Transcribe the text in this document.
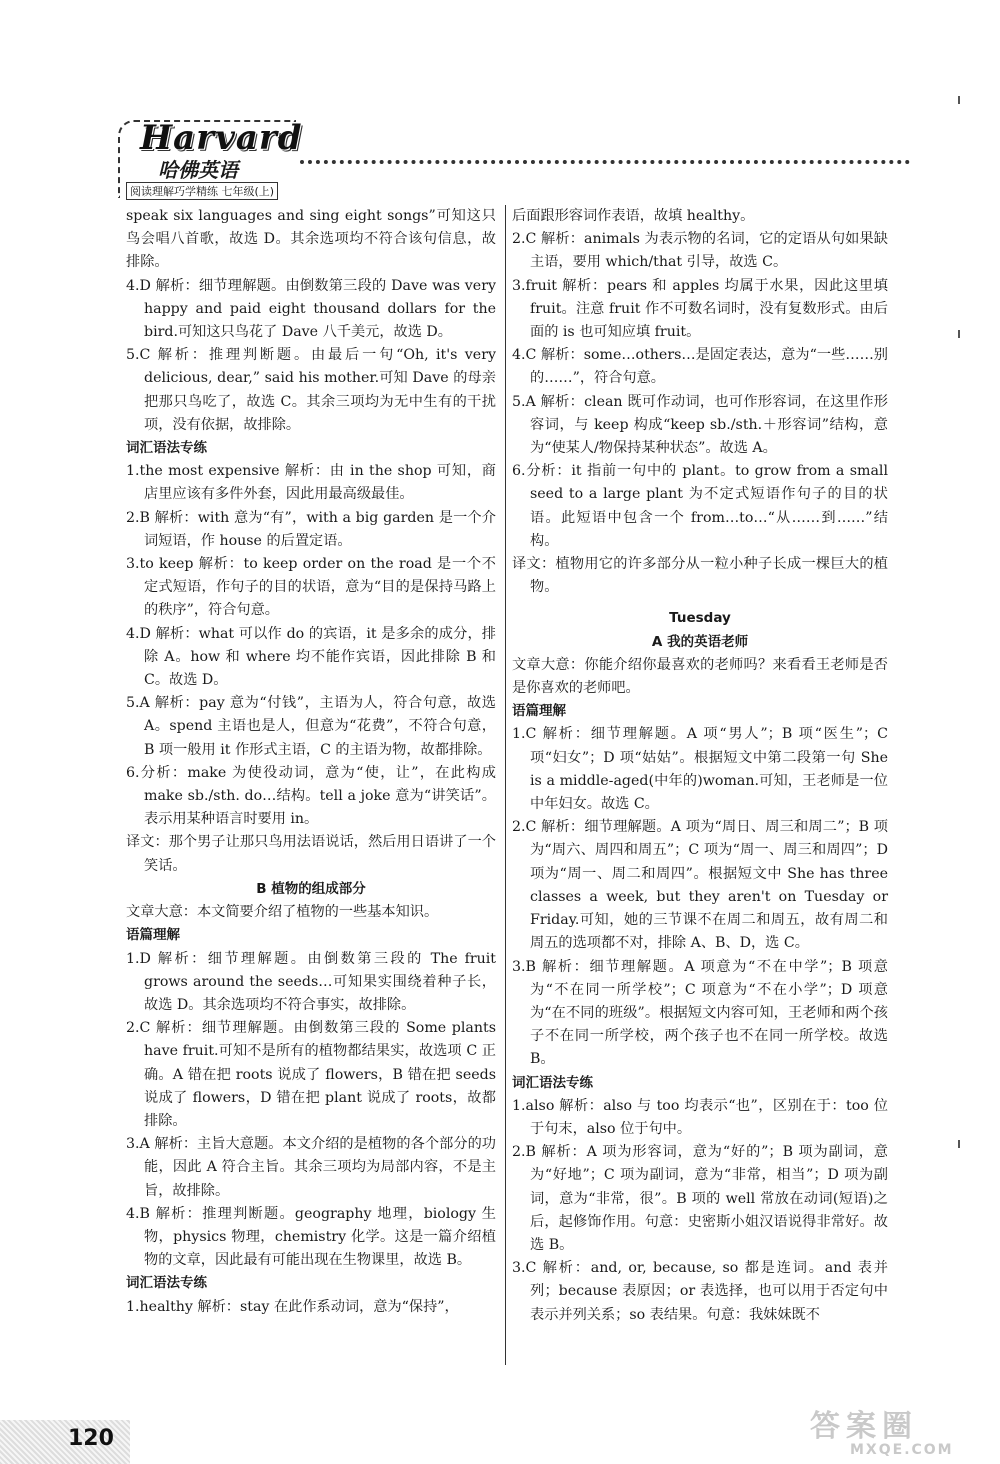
Harvard
哈佛英语
阅读理解巧学精练 七年级(上)

speak six languages and sing eight songs”可知这只鸟会唱八首歌，故选 D。其余选项均不符合该句信息，故排除。

4.D 解析：细节理解题。由倒数第三段的 Dave was very happy and paid eight thousand dollars for the bird.可知这只鸟花了 Dave 八千美元，故选 D。

5.C 解析：推理判断题。由最后一句“Oh, it's very delicious, dear,” said his mother.可知 Dave 的母亲把那只鸟吃了，故选 C。其余三项均为无中生有的干扰项，没有依据，故排除。

词汇语法专练

1.the most expensive 解析：由 in the shop 可知，商店里应该有多件外套，因此用最高级最佳。

2.B 解析：with 意为“有”，with a big garden 是一个介词短语，作 house 的后置定语。

3.to keep 解析：to keep order on the road 是一个不定式短语，作句子的目的状语，意为“目的是保持马路上的秩序”，符合句意。

4.D 解析：what 可以作 do 的宾语，it 是多余的成分，排除 A。how 和 where 均不能作宾语，因此排除 B 和 C。故选 D。

5.A 解析：pay 意为“付钱”，主语为人，符合句意，故选 A。spend 主语也是人，但意为“花费”，不符合句意，B 项一般用 it 作形式主语，C 的主语为物，故都排除。

6.分析：make 为使役动词，意为“使，让”，在此构成 make sb./sth. do…结构。tell a joke 意为“讲笑话”。表示用某种语言时要用 in。

译文：那个男子让那只鸟用法语说话，然后用日语讲了一个笑话。

B 植物的组成部分

文章大意：本文简要介绍了植物的一些基本知识。

语篇理解

1.D 解析：细节理解题。由倒数第三段的 The fruit grows around the seeds…可知果实围绕着种子长，故选 D。其余选项均不符合事实，故排除。

2.C 解析：细节理解题。由倒数第三段的 Some plants have fruit.可知不是所有的植物都结果实，故选项 C 正确。A 错在把 roots 说成了 flowers，B 错在把 seeds 说成了 flowers，D 错在把 plant 说成了 roots，故都排除。

3.A 解析：主旨大意题。本文介绍的是植物的各个部分的功能，因此 A 符合主旨。其余三项均为局部内容，不是主旨，故排除。

4.B 解析：推理判断题。geography 地理，biology 生物，physics 物理，chemistry 化学。这是一篇介绍植物的文章，因此最有可能出现在生物课里，故选 B。

词汇语法专练

1.healthy 解析：stay 在此作系动词，意为“保持”，

后面跟形容词作表语，故填 healthy。

2.C 解析：animals 为表示物的名词，它的定语从句如果缺主语，要用 which/that 引导，故选 C。

3.fruit 解析：pears 和 apples 均属于水果，因此这里填 fruit。注意 fruit 作不可数名词时，没有复数形式。由后面的 is 也可知应填 fruit。

4.C 解析：some…others…是固定表达，意为“一些……别的……”，符合句意。

5.A 解析：clean 既可作动词，也可作形容词，在这里作形容词，与 keep 构成“keep sb./sth.＋形容词”结构，意为“使某人/物保持某种状态”。故选 A。

6.分析：it 指前一句中的 plant。to grow from a small seed to a large plant 为不定式短语作句子的目的状语。此短语中包含一个 from…to…“从……到……”结构。

译文：植物用它的许多部分从一粒小种子长成一棵巨大的植物。

Tuesday

A 我的英语老师

文章大意：你能介绍你最喜欢的老师吗？来看看王老师是否是你喜欢的老师吧。

语篇理解

1.C 解析：细节理解题。A 项“男人”；B 项“医生”；C 项“妇女”；D 项“姑姑”。根据短文中第二段第一句 She is a middle-aged(中年的)woman.可知，王老师是一位中年妇女。故选 C。

2.C 解析：细节理解题。A 项为“周日、周三和周二”；B 项为“周六、周四和周五”；C 项为“周一、周三和周四”；D 项为“周一、周二和周四”。根据短文中 She has three classes a week, but they aren't on Tuesday or Friday.可知，她的三节课不在周二和周五，故有周二和周五的选项都不对，排除 A、B、D，选 C。

3.B 解析：细节理解题。A 项意为“不在中学”；B 项意为“不在同一所学校”；C 项意为“不在小学”；D 项意为“在不同的班级”。根据短文内容可知，王老师和两个孩子不在同一所学校，两个孩子也不在同一所学校。故选 B。

词汇语法专练

1.also 解析：also 与 too 均表示“也”，区别在于：too 位于句末，also 位于句中。

2.B 解析：A 项为形容词，意为“好的”；B 项为副词，意为“好地”；C 项为副词，意为“非常，相当”；D 项为副词，意为“非常，很”。B 项的 well 常放在动词(短语)之后，起修饰作用。句意：史密斯小姐汉语说得非常好。故选 B。

3.C 解析：and, or, because, so 都是连词。and 表并列；because 表原因；or 表选择，也可以用于否定句中表示并列关系；so 表结果。句意：我妹妹既不

120	答案圈
MXQE.COM
